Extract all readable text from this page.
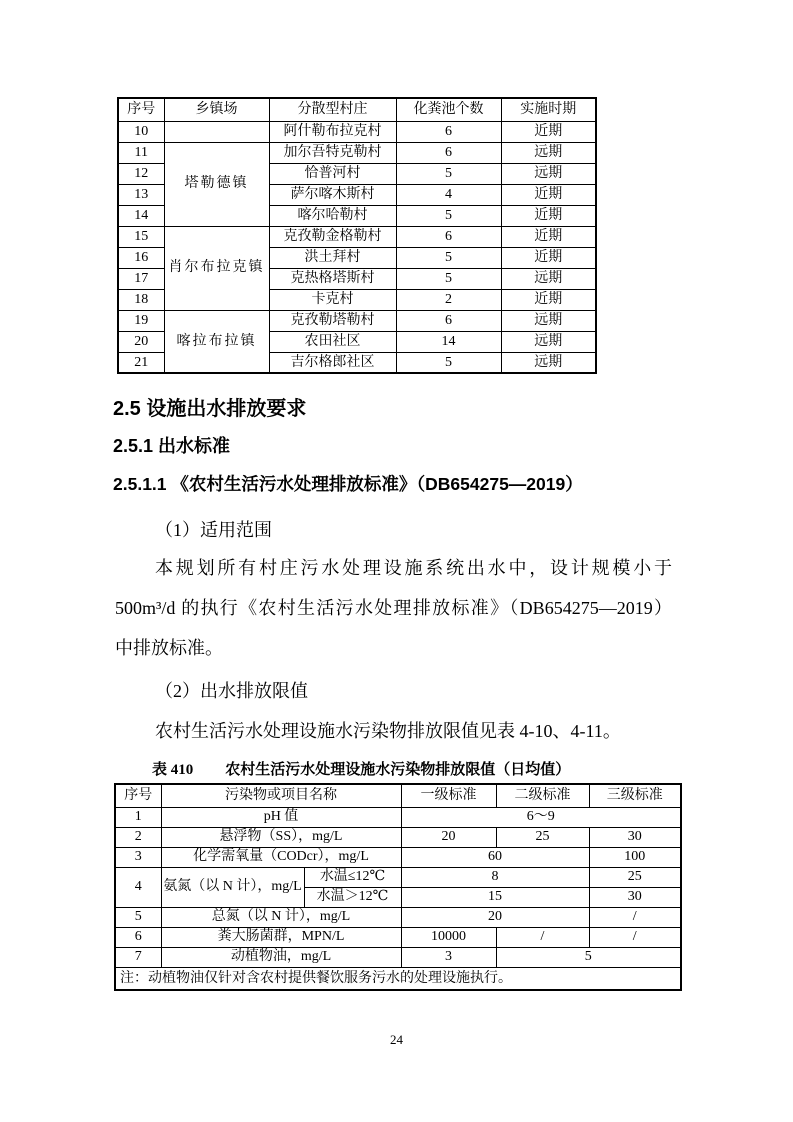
序号	乡镇场	分散型村庄	化粪池个数	实施时期
10		阿什勒布拉克村	6	近期
11	塔勒德镇	加尔吾特克勒村	6	远期
12		恰普河村	5	远期
13		萨尔喀木斯村	4	近期
14		喀尔哈勒村	5	近期
15	肖尔布拉克镇	克孜勒金格勒村	6	近期
16		洪土拜村	5	近期
17		克热格塔斯村	5	远期
18		卡克村	2	近期
19	喀拉布拉镇	克孜勒塔勒村	6	远期
20		农田社区	14	远期
21		吉尔格郎社区	5	远期
2.5 设施出水排放要求
2.5.1 出水标准
2.5.1.1 《农村生活污水处理排放标准》（DB654275—2019）
（1）适用范围
本规划所有村庄污水处理设施系统出水中，设计规模小于
500m³/d 的执行《农村生活污水处理排放标准》（DB654275—2019）
中排放标准。
（2）出水排放限值
农村生活污水处理设施水污染物排放限值见表 4-10、4-11。
表 410 农村生活污水处理设施水污染物排放限值（日均值）
序号	污染物或项目名称		一级标准	二级标准	三级标准
1	pH 值		6～9		
2	悬浮物（SS），mg/L		20	25	30
3	化学需氧量（CODcr），mg/L		60		100
4	氨氮（以 N 计），mg/L	水温≤12℃	8		25
		水温＞12℃	15		30
5	总氮（以 N 计），mg/L		20		/
6	粪大肠菌群，MPN/L		10000	/	/
7	动植物油，mg/L		3	5	
注：动植物油仅针对含农村提供餐饮服务污水的处理设施执行。					
24
